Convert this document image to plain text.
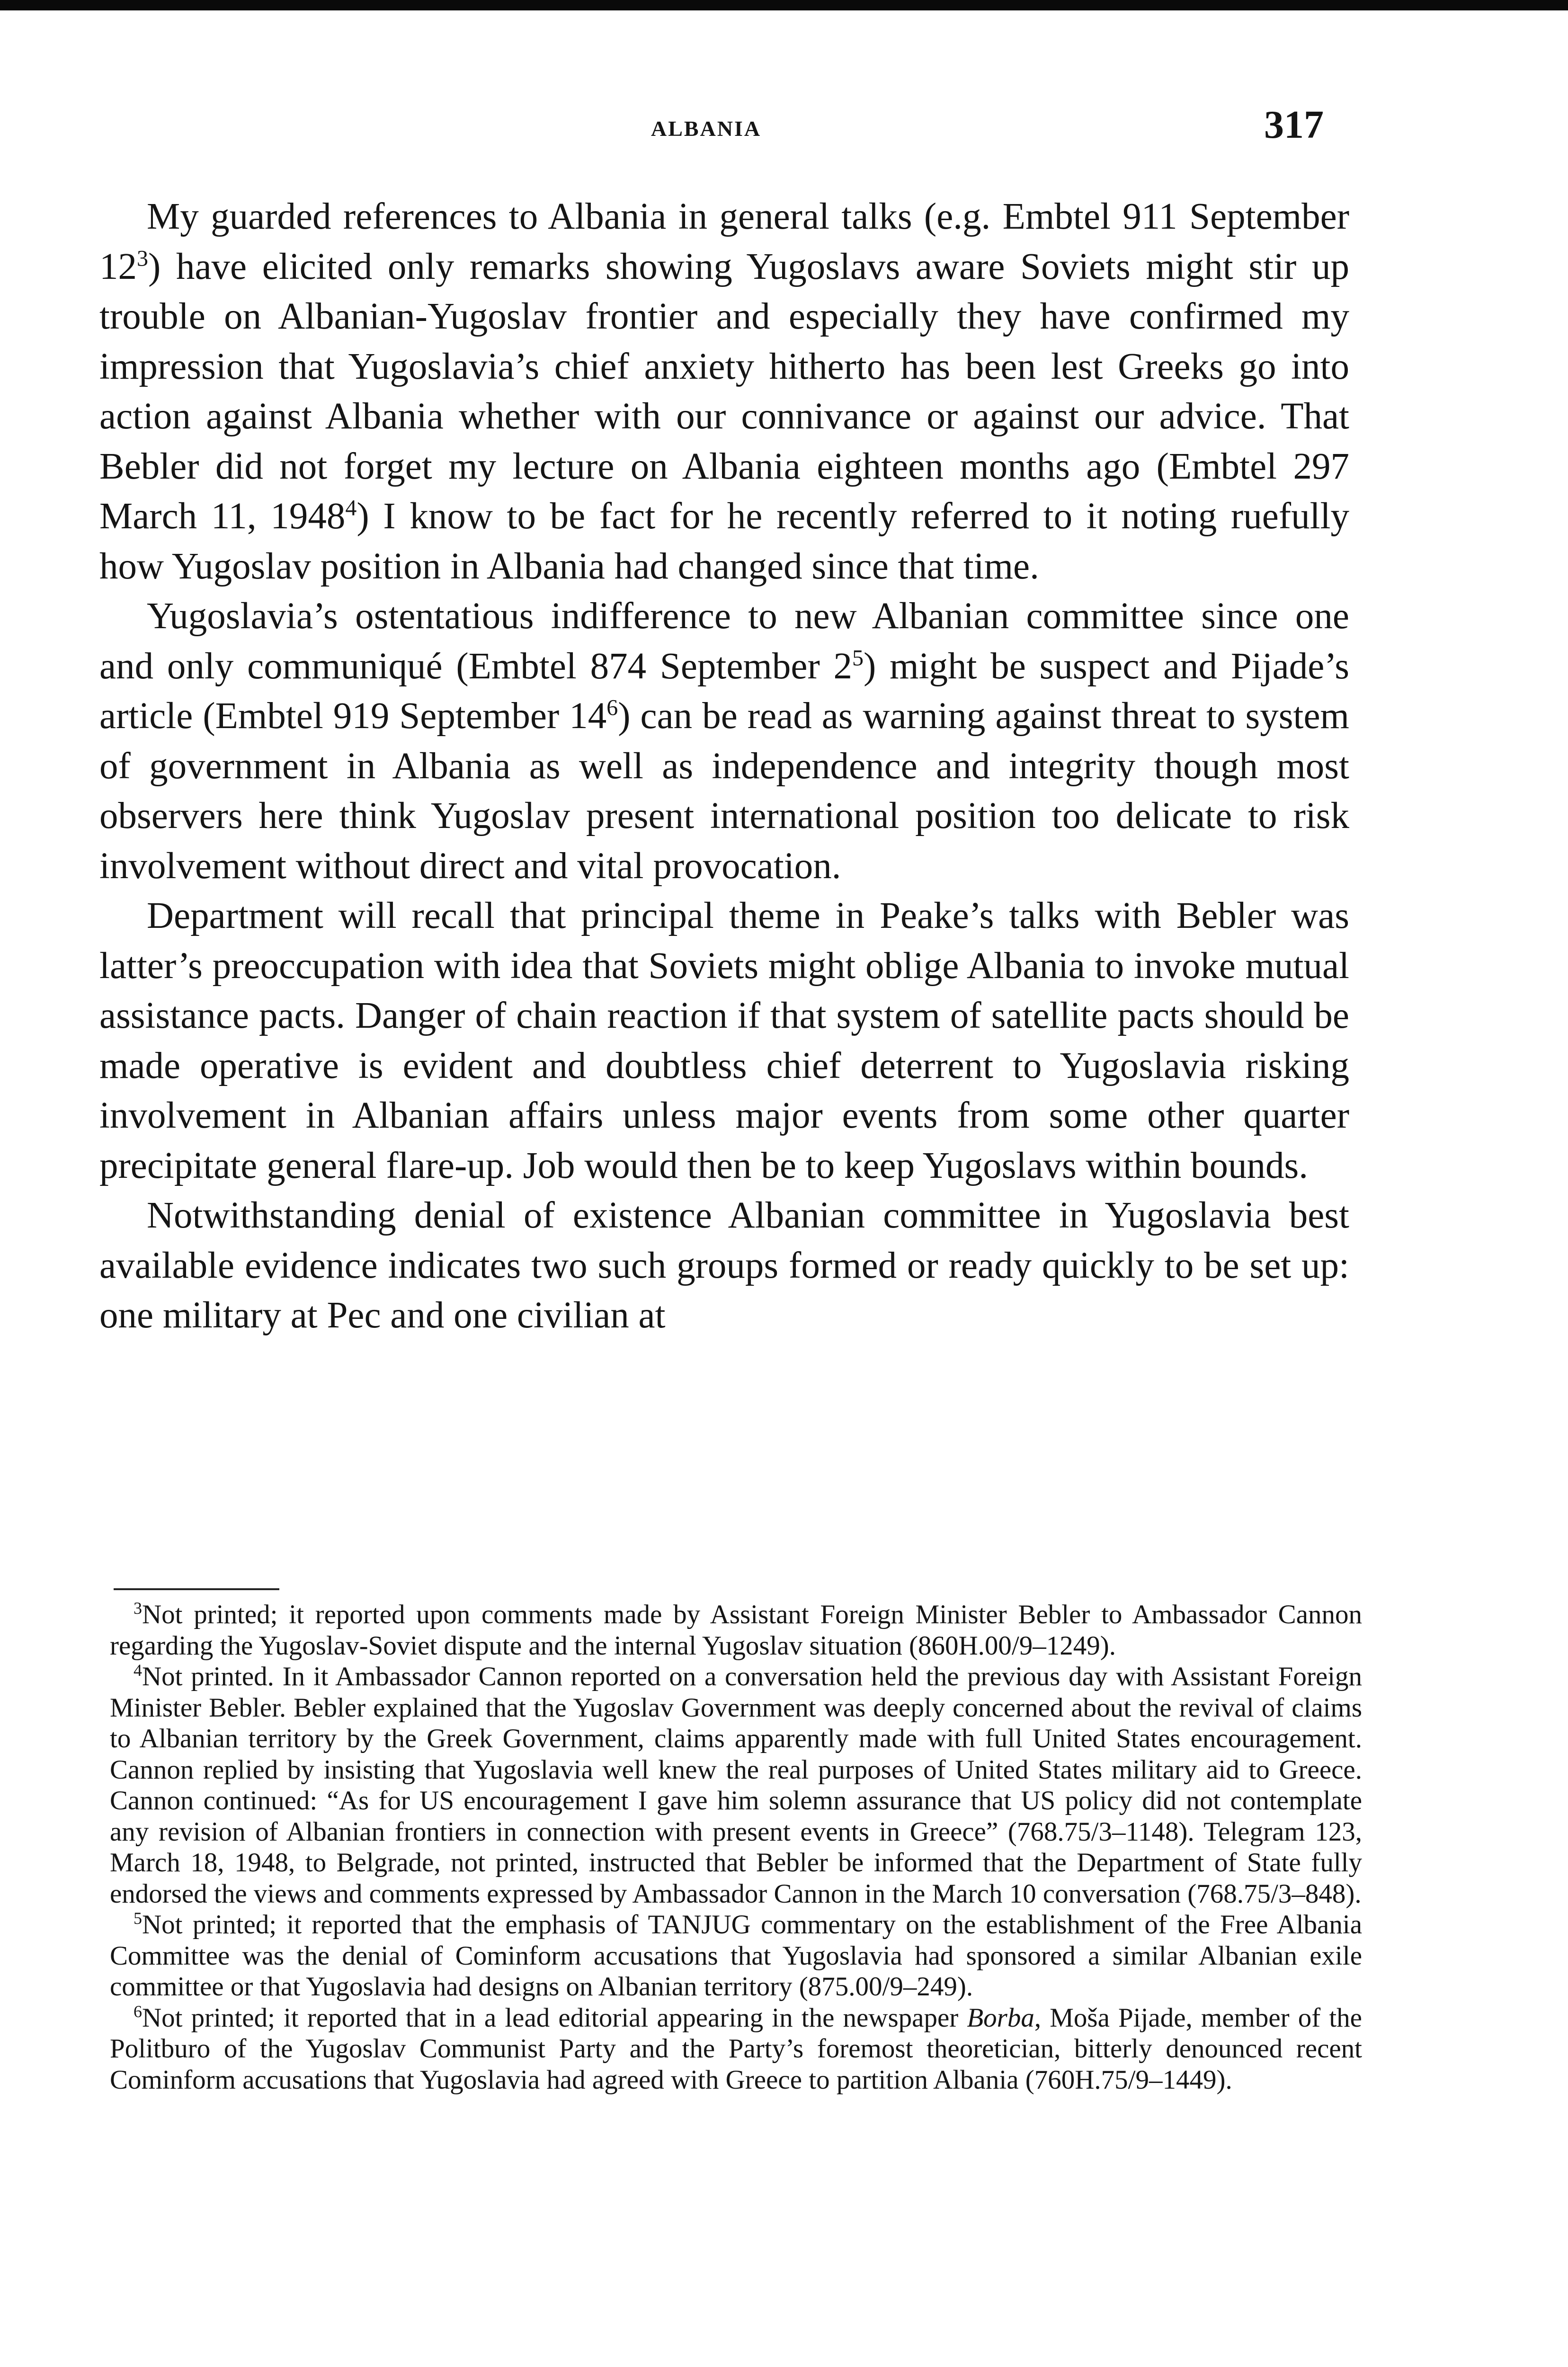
ALBANIA	317

My guarded references to Albania in general talks (e.g. Embtel 911 September 12$^3$) have elicited only remarks showing Yugoslavs aware Soviets might stir up trouble on Albanian-Yugoslav frontier and especially they have confirmed my impression that Yugoslavia’s chief anxiety hitherto has been lest Greeks go into action against Albania whether with our connivance or against our advice. That Bebler did not forget my lecture on Albania eighteen months ago (Embtel 297 March 11, 1948$^4$) I know to be fact for he recently referred to it noting ruefully how Yugoslav position in Albania had changed since that time.

Yugoslavia’s ostentatious indifference to new Albanian committee since one and only communiqué (Embtel 874 September 2$^5$) might be suspect and Pijade’s article (Embtel 919 September 14$^6$) can be read as warning against threat to system of government in Albania as well as independence and integrity though most observers here think Yugoslav present international position too delicate to risk involvement without direct and vital provocation.

Department will recall that principal theme in Peake’s talks with Bebler was latter’s preoccupation with idea that Soviets might oblige Albania to invoke mutual assistance pacts. Danger of chain reaction if that system of satellite pacts should be made operative is evident and doubtless chief deterrent to Yugoslavia risking involvement in Albanian affairs unless major events from some other quarter precipitate general flare-up. Job would then be to keep Yugoslavs within bounds.

Notwithstanding denial of existence Albanian committee in Yugoslavia best available evidence indicates two such groups formed or ready quickly to be set up: one military at Pec and one civilian at

$^3$Not printed; it reported upon comments made by Assistant Foreign Minister Bebler to Ambassador Cannon regarding the Yugoslav-Soviet dispute and the internal Yugoslav situation (860H.00/9–1249).

$^4$Not printed. In it Ambassador Cannon reported on a conversation held the previous day with Assistant Foreign Minister Bebler. Bebler explained that the Yugoslav Government was deeply concerned about the revival of claims to Albanian territory by the Greek Government, claims apparently made with full United States encouragement. Cannon replied by insisting that Yugoslavia well knew the real purposes of United States military aid to Greece. Cannon continued: “As for US encouragement I gave him solemn assurance that US policy did not contemplate any revision of Albanian frontiers in connection with present events in Greece” (768.75/3–1148). Telegram 123, March 18, 1948, to Belgrade, not printed, instructed that Bebler be informed that the Department of State fully endorsed the views and comments expressed by Ambassador Cannon in the March 10 conversation (768.75/3–848).

$^5$Not printed; it reported that the emphasis of TANJUG commentary on the establishment of the Free Albania Committee was the denial of Cominform accusations that Yugoslavia had sponsored a similar Albanian exile committee or that Yugoslavia had designs on Albanian territory (875.00/9–249).

$^6$Not printed; it reported that in a lead editorial appearing in the newspaper Borba, Moša Pijade, member of the Politburo of the Yugoslav Communist Party and the Party’s foremost theoretician, bitterly denounced recent Cominform accusations that Yugoslavia had agreed with Greece to partition Albania (760H.75/9–1449).
